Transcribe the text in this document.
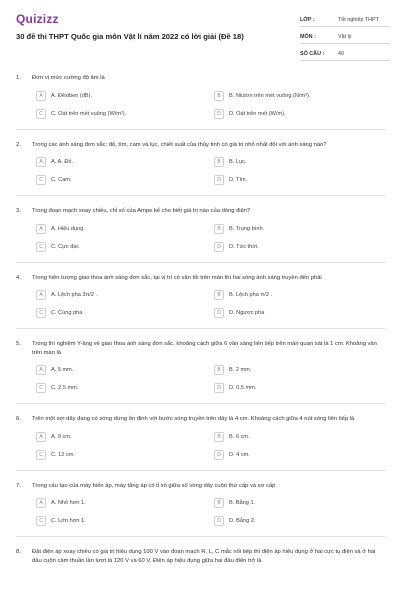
Quizizz
30 đề thi THPT Quốc gia môn Vật lí năm 2022 có lời giải (Đề 18)
LỚP :	Tốt nghiệp THPT
MÔN :	Vật lý
SỐ CÂU :	40
1.	Đơn vị mức cường độ âm là
A	A. Đêxiben (dB).	B	B. Niutơn trên mét vuông (N/m²).
C	C. Oát trên mét vuông (W/m²).	D	D. Oát trên mét (W/m).
2.	Trong các ánh sáng đơn sắc: đỏ, tím, cam và lục, chiết suất của thủy tinh có giá trị nhỏ nhất đối với ánh sáng nào?
A	A. A. Đỏ.	B	B. Lục.
C	C. Cam.	D	D. Tím.
3.	Trong đoạn mạch xoay chiều, chỉ số của Ampe kế cho biết giá trị nào của dòng điện?
A	A. Hiệu dụng.	B	B. Trung bình.
C	C. Cực đại.	D	D. Tức thời.
4.	Trong hiện tượng giao thoa ánh sáng đơn sắc, tại vị trí có vân tối trên màn thì hai sóng ánh sáng truyền đến phải
A	A. Lệch pha 3π/2 .	B	B. Lệch pha π/2 .
C	C. Cùng pha	D	D. Ngược pha
5.	Trong thí nghiệm Y-âng về giao thoa ánh sáng đơn sắc, khoảng cách giữa 6 vân sáng liên tiếp trên màn quan sát là 1 cm. Khoảng vân trên màn là
A	A. 5 mm.	B	B. 2 mm.
C	C. 2,5 mm.	D	D. 0,5 mm.
6.	Trên một sợi dây đang có sóng dừng ổn định với bước sóng truyền trên dây là 4 cm. Khoảng cách giữa 4 nút sóng liên tiếp là
A	A. 9 cm.	B	B. 6 cm.
C	C. 12 cm.	D	D. 4 cm.
7.	Trong cấu tạo của máy biến áp, máy tăng áp có tỉ số giữa số vòng dây cuộn thứ cấp và sơ cấp
A	A. Nhỏ hơn 1.	B	B. Bằng 1.
C	C. Lớn hơn 1.	D	D. Bằng 2.
8.	Đặt điện áp xoay chiều có giá trị hiệu dụng 100 V vào đoạn mạch R, L, C mắc nối tiếp thì điện áp hiệu dụng ở hai cực tụ điện và ở hai đầu cuộn cảm thuần lần lượt là 120 V và 60 V. Điện áp hiệu dụng giữa hai đầu điện trở là
